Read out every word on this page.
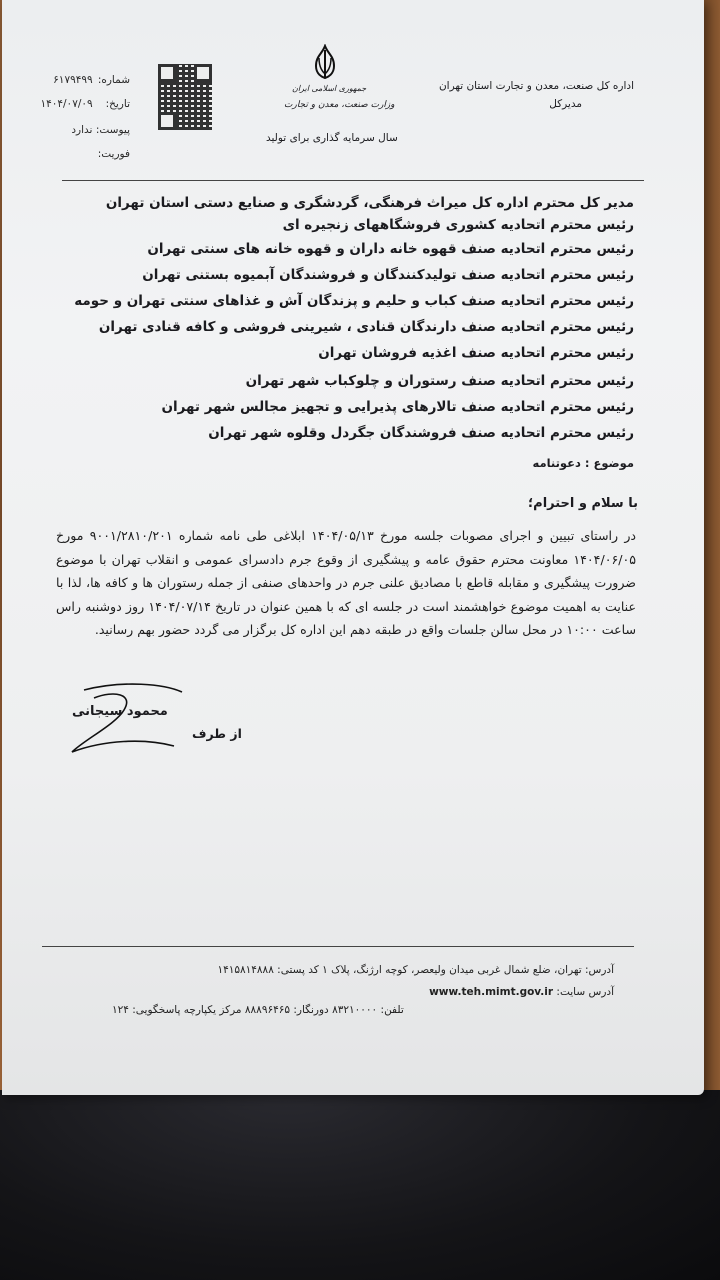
اداره کل صنعت، معدن و تجارت استان تهران
مدیرکل
جمهوری اسلامی ایران
وزارت صنعت، معدن و تجارت
سال سرمایه گذاری برای تولید
شماره: ۶۱۷۹۴۹۹
تاریخ: ۱۴۰۴/۰۷/۰۹
پیوست: ندارد
فوریت:
مدیر کل محترم اداره کل میراث فرهنگی، گردشگری و صنایع دستی استان تهران
رئیس محترم اتحادیه کشوری فروشگاههای زنجیره ای
رئیس محترم اتحادیه صنف قهوه خانه داران و قهوه خانه های سنتی تهران
رئیس محترم اتحادیه صنف تولیدکنندگان و فروشندگان آبمیوه بستنی تهران
رئیس محترم اتحادیه صنف کباب و حلیم و پزندگان آش و غذاهای سنتی تهران و حومه
رئیس محترم اتحادیه صنف دارندگان قنادی ، شیرینی فروشی و کافه قنادی تهران
رئیس محترم اتحادیه صنف اغذیه فروشان تهران
رئیس محترم اتحادیه صنف رستوران و چلوکباب شهر تهران
رئیس محترم اتحادیه صنف تالارهای پذیرایی و تجهیز مجالس شهر تهران
رئیس محترم اتحادیه صنف فروشندگان جگردل وقلوه شهر تهران
موضوع : دعوتنامه
با سلام و احترام؛
در راستای تبیین و اجرای مصوبات جلسه مورخ ۱۴۰۴/۰۵/۱۳ ابلاغی طی نامه شماره ۹۰۰۱/۲۸۱۰/۲۰۱ مورخ ۱۴۰۴/۰۶/۰۵ معاونت محترم حقوق عامه و پیشگیری از وقوع جرم دادسرای عمومی و انقلاب تهران با موضوع ضرورت پیشگیری و مقابله قاطع با مصادیق علنی جرم در واحدهای صنفی از جمله رستوران ها و کافه ها، لذا با عنایت به اهمیت موضوع خواهشمند است در جلسه ای که با همین عنوان در تاریخ ۱۴۰۴/۰۷/۱۴ روز دوشنبه راس ساعت ۱۰:۰۰ در محل سالن جلسات واقع در طبقه دهم این اداره کل برگزار می گردد حضور بهم رسانید.
محمود سیجانی
از طرف
آدرس: تهران، ضلع شمال غربی میدان ولیعصر، کوچه ارژنگ، پلاک ۱ کد پستی: ۱۴۱۵۸۱۴۸۸۸
آدرس سایت: www.teh.mimt.gov.ir
تلفن: ۸۳۲۱۰۰۰۰ دورنگار: ۸۸۸۹۶۴۶۵ مرکز یکپارچه پاسخگویی: ۱۲۴
